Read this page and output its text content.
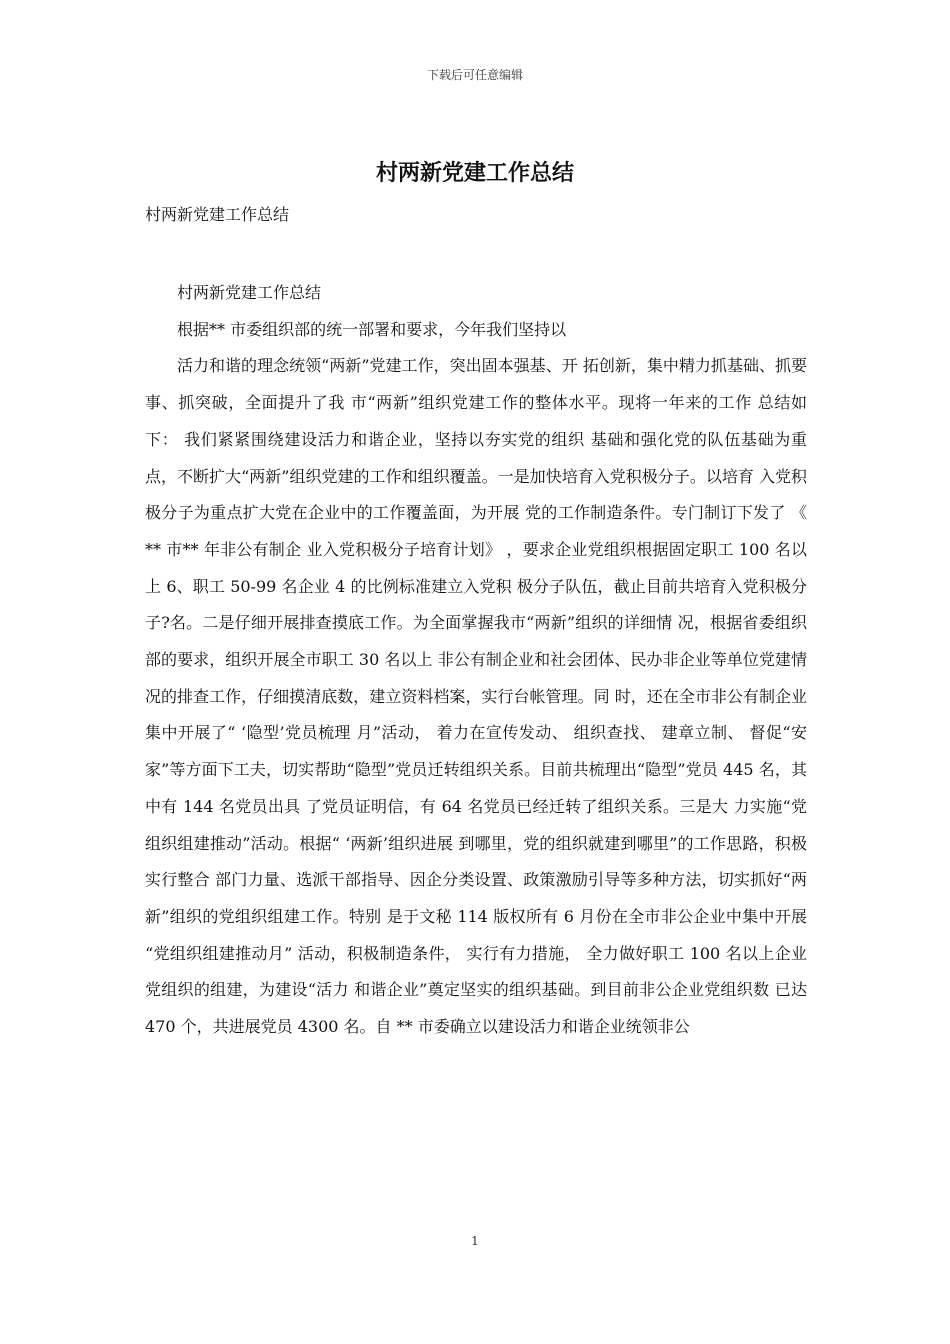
下载后可任意编辑
村两新党建工作总结

村两新党建工作总结

村两新党建工作总结

根据** 市委组织部的统一部署和要求，今年我们坚持以

活力和谐的理念统领“两新”党建工作，突出固本强基、开 拓创新，集中精力抓基础、抓要事、抓突破，全面提升了我 市“两新”组织党建工作的整体水平。现将一年来的工作 总结如下： 我们紧紧围绕建设活力和谐企业，坚持以夯实党的组织 基础和强化党的队伍基础为重点，不断扩大“两新”组织党建的工作和组织覆盖。一是加快培育入党积极分子。以培育 入党积极分子为重点扩大党在企业中的工作覆盖面，为开展 党的工作制造条件。专门制订下发了 《 ** 市** 年非公有制企 业入党积极分子培育计划》 ，要求企业党组织根据固定职工 100 名以上 6、职工 50-99 名企业 4 的比例标准建立入党积 极分子队伍，截止目前共培育入党积极分子?名。二是仔细开展排查摸底工作。为全面掌握我市“两新”组织的详细情 况，根据省委组织部的要求，组织开展全市职工 30 名以上 非公有制企业和社会团体、民办非企业等单位党建情况的排查工作，仔细摸清底数，建立资料档案，实行台帐管理。同 时，还在全市非公有制企业集中开展了“ ‘隐型’党员梳理 月”活动， 着力在宣传发动、 组织查找、 建章立制、 督促“安 家”等方面下工夫，切实帮助“隐型”党员迁转组织关系。目前共梳理出“隐型”党员 445 名，其中有 144 名党员出具 了党员证明信，有 64 名党员已经迁转了组织关系。三是大 力实施“党组织组建推动”活动。根据“ ‘两新’组织进展 到哪里，党的组织就建到哪里”的工作思路，积极实行整合 部门力量、选派干部指导、因企分类设置、政策激励引导等多种方法，切实抓好“两新”组织的党组织组建工作。特别 是于文秘 114 版权所有 6 月份在全市非公企业中集中开展 “党组织组建推动月” 活动，积极制造条件， 实行有力措施， 全力做好职工 100 名以上企业党组织的组建，为建设“活力 和谐企业”奠定坚实的组织基础。到目前非公企业党组织数 已达 470 个，共进展党员 4300 名。自 ** 市委确立以建设活力和谐企业统领非公

1
